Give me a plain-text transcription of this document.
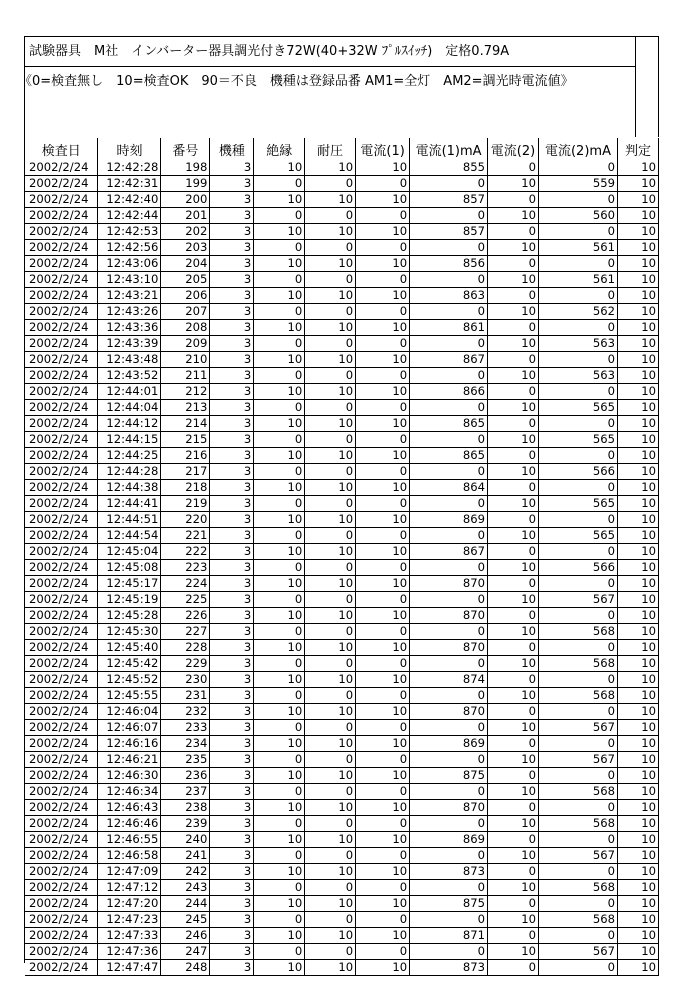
試験器具　M社　インバーター器具調光付き72W(40+32W ﾌﾟﾙｽｲｯﾁ)　定格0.79A
《0=検査無し　10=検査OK　90＝不良　機種は登録品番 AM1=全灯　AM2=調光時電流値》
検査日	時刻	番号	機種	絶縁	耐圧	電流(1)	電流(1)mA	電流(2)	電流(2)mA	判定
2002/2/24	12:42:28	198	3	10	10	10	855	0	0	10
2002/2/24	12:42:31	199	3	0	0	0	0	10	559	10
2002/2/24	12:42:40	200	3	10	10	10	857	0	0	10
2002/2/24	12:42:44	201	3	0	0	0	0	10	560	10
2002/2/24	12:42:53	202	3	10	10	10	857	0	0	10
2002/2/24	12:42:56	203	3	0	0	0	0	10	561	10
2002/2/24	12:43:06	204	3	10	10	10	856	0	0	10
2002/2/24	12:43:10	205	3	0	0	0	0	10	561	10
2002/2/24	12:43:21	206	3	10	10	10	863	0	0	10
2002/2/24	12:43:26	207	3	0	0	0	0	10	562	10
2002/2/24	12:43:36	208	3	10	10	10	861	0	0	10
2002/2/24	12:43:39	209	3	0	0	0	0	10	563	10
2002/2/24	12:43:48	210	3	10	10	10	867	0	0	10
2002/2/24	12:43:52	211	3	0	0	0	0	10	563	10
2002/2/24	12:44:01	212	3	10	10	10	866	0	0	10
2002/2/24	12:44:04	213	3	0	0	0	0	10	565	10
2002/2/24	12:44:12	214	3	10	10	10	865	0	0	10
2002/2/24	12:44:15	215	3	0	0	0	0	10	565	10
2002/2/24	12:44:25	216	3	10	10	10	865	0	0	10
2002/2/24	12:44:28	217	3	0	0	0	0	10	566	10
2002/2/24	12:44:38	218	3	10	10	10	864	0	0	10
2002/2/24	12:44:41	219	3	0	0	0	0	10	565	10
2002/2/24	12:44:51	220	3	10	10	10	869	0	0	10
2002/2/24	12:44:54	221	3	0	0	0	0	10	565	10
2002/2/24	12:45:04	222	3	10	10	10	867	0	0	10
2002/2/24	12:45:08	223	3	0	0	0	0	10	566	10
2002/2/24	12:45:17	224	3	10	10	10	870	0	0	10
2002/2/24	12:45:19	225	3	0	0	0	0	10	567	10
2002/2/24	12:45:28	226	3	10	10	10	870	0	0	10
2002/2/24	12:45:30	227	3	0	0	0	0	10	568	10
2002/2/24	12:45:40	228	3	10	10	10	870	0	0	10
2002/2/24	12:45:42	229	3	0	0	0	0	10	568	10
2002/2/24	12:45:52	230	3	10	10	10	874	0	0	10
2002/2/24	12:45:55	231	3	0	0	0	0	10	568	10
2002/2/24	12:46:04	232	3	10	10	10	870	0	0	10
2002/2/24	12:46:07	233	3	0	0	0	0	10	567	10
2002/2/24	12:46:16	234	3	10	10	10	869	0	0	10
2002/2/24	12:46:21	235	3	0	0	0	0	10	567	10
2002/2/24	12:46:30	236	3	10	10	10	875	0	0	10
2002/2/24	12:46:34	237	3	0	0	0	0	10	568	10
2002/2/24	12:46:43	238	3	10	10	10	870	0	0	10
2002/2/24	12:46:46	239	3	0	0	0	0	10	568	10
2002/2/24	12:46:55	240	3	10	10	10	869	0	0	10
2002/2/24	12:46:58	241	3	0	0	0	0	10	567	10
2002/2/24	12:47:09	242	3	10	10	10	873	0	0	10
2002/2/24	12:47:12	243	3	0	0	0	0	10	568	10
2002/2/24	12:47:20	244	3	10	10	10	875	0	0	10
2002/2/24	12:47:23	245	3	0	0	0	0	10	568	10
2002/2/24	12:47:33	246	3	10	10	10	871	0	0	10
2002/2/24	12:47:36	247	3	0	0	0	0	10	567	10
2002/2/24	12:47:47	248	3	10	10	10	873	0	0	10
